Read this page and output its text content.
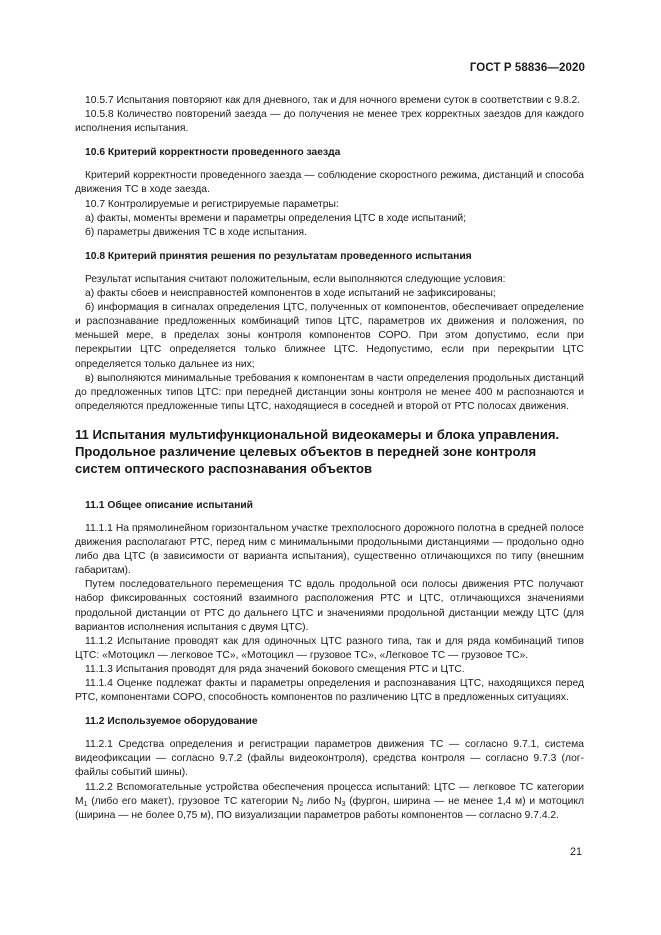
ГОСТ Р 58836—2020

10.5.7 Испытания повторяют как для дневного, так и для ночного времени суток в соответствии с 9.8.2.

10.5.8 Количество повторений заезда — до получения не менее трех корректных заездов для каждого исполнения испытания.

10.6 Критерий корректности проведенного заезда

Критерий корректности проведенного заезда — соблюдение скоростного режима, дистанций и способа движения ТС в ходе заезда.

10.7 Контролируемые и регистрируемые параметры:

а) факты, моменты времени и параметры определения ЦТС в ходе испытаний;

б) параметры движения ТС в ходе испытания.

10.8 Критерий принятия решения по результатам проведенного испытания

Результат испытания считают положительным, если выполняются следующие условия:

а) факты сбоев и неисправностей компонентов в ходе испытаний не зафиксированы;

б) информация в сигналах определения ЦТС, полученных от компонентов, обеспечивает определение и распознавание предложенных комбинаций типов ЦТС, параметров их движения и положения, по меньшей мере, в пределах зоны контроля компонентов СОРО. При этом допустимо, если при перекрытии ЦТС определяется только ближнее ЦТС. Недопустимо, если при перекрытии ЦТС определяется только дальнее из них;

в) выполняются минимальные требования к компонентам в части определения продольных дистанций до предложенных типов ЦТС: при передней дистанции зоны контроля не менее 400 м распознаются и определяются предложенные типы ЦТС, находящиеся в соседней и второй от РТС полосах движения.

11 Испытания мультифункциональной видеокамеры и блока управления. Продольное различение целевых объектов в передней зоне контроля систем оптического распознавания объектов

11.1 Общее описание испытаний

11.1.1 На прямолинейном горизонтальном участке трехполосного дорожного полотна в средней полосе движения располагают РТС, перед ним с минимальными продольными дистанциями — продольно одно либо два ЦТС (в зависимости от варианта испытания), существенно отличающихся по типу (внешним габаритам).

Путем последовательного перемещения ТС вдоль продольной оси полосы движения РТС получают набор фиксированных состояний взаимного расположения РТС и ЦТС, отличающихся значениями продольной дистанции от РТС до дальнего ЦТС и значениями продольной дистанции между ЦТС (для вариантов исполнения испытания с двумя ЦТС).

11.1.2 Испытание проводят как для одиночных ЦТС разного типа, так и для ряда комбинаций типов ЦТС: «Мотоцикл — легковое ТС», «Мотоцикл — грузовое ТС», «Легковое ТС — грузовое ТС».

11.1.3 Испытания проводят для ряда значений бокового смещения РТС и ЦТС.

11.1.4 Оценке подлежат факты и параметры определения и распознавания ЦТС, находящихся перед РТС, компонентами СОРО, способность компонентов по различению ЦТС в предложенных ситуациях.

11.2 Используемое оборудование

11.2.1 Средства определения и регистрации параметров движения ТС — согласно 9.7.1, система видеофиксации — согласно 9.7.2 (файлы видеоконтроля), средства контроля — согласно 9.7.3 (лог-файлы событий шины).

11.2.2 Вспомогательные устройства обеспечения процесса испытаний: ЦТС — легковое ТС категории $M_1$ (либо его макет), грузовое ТС категории $N_2$ либо $N_3$ (фургон, ширина — не менее 1,4 м) и мотоцикл (ширина — не более 0,75 м), ПО визуализации параметров работы компонентов — согласно 9.7.4.2.

21
